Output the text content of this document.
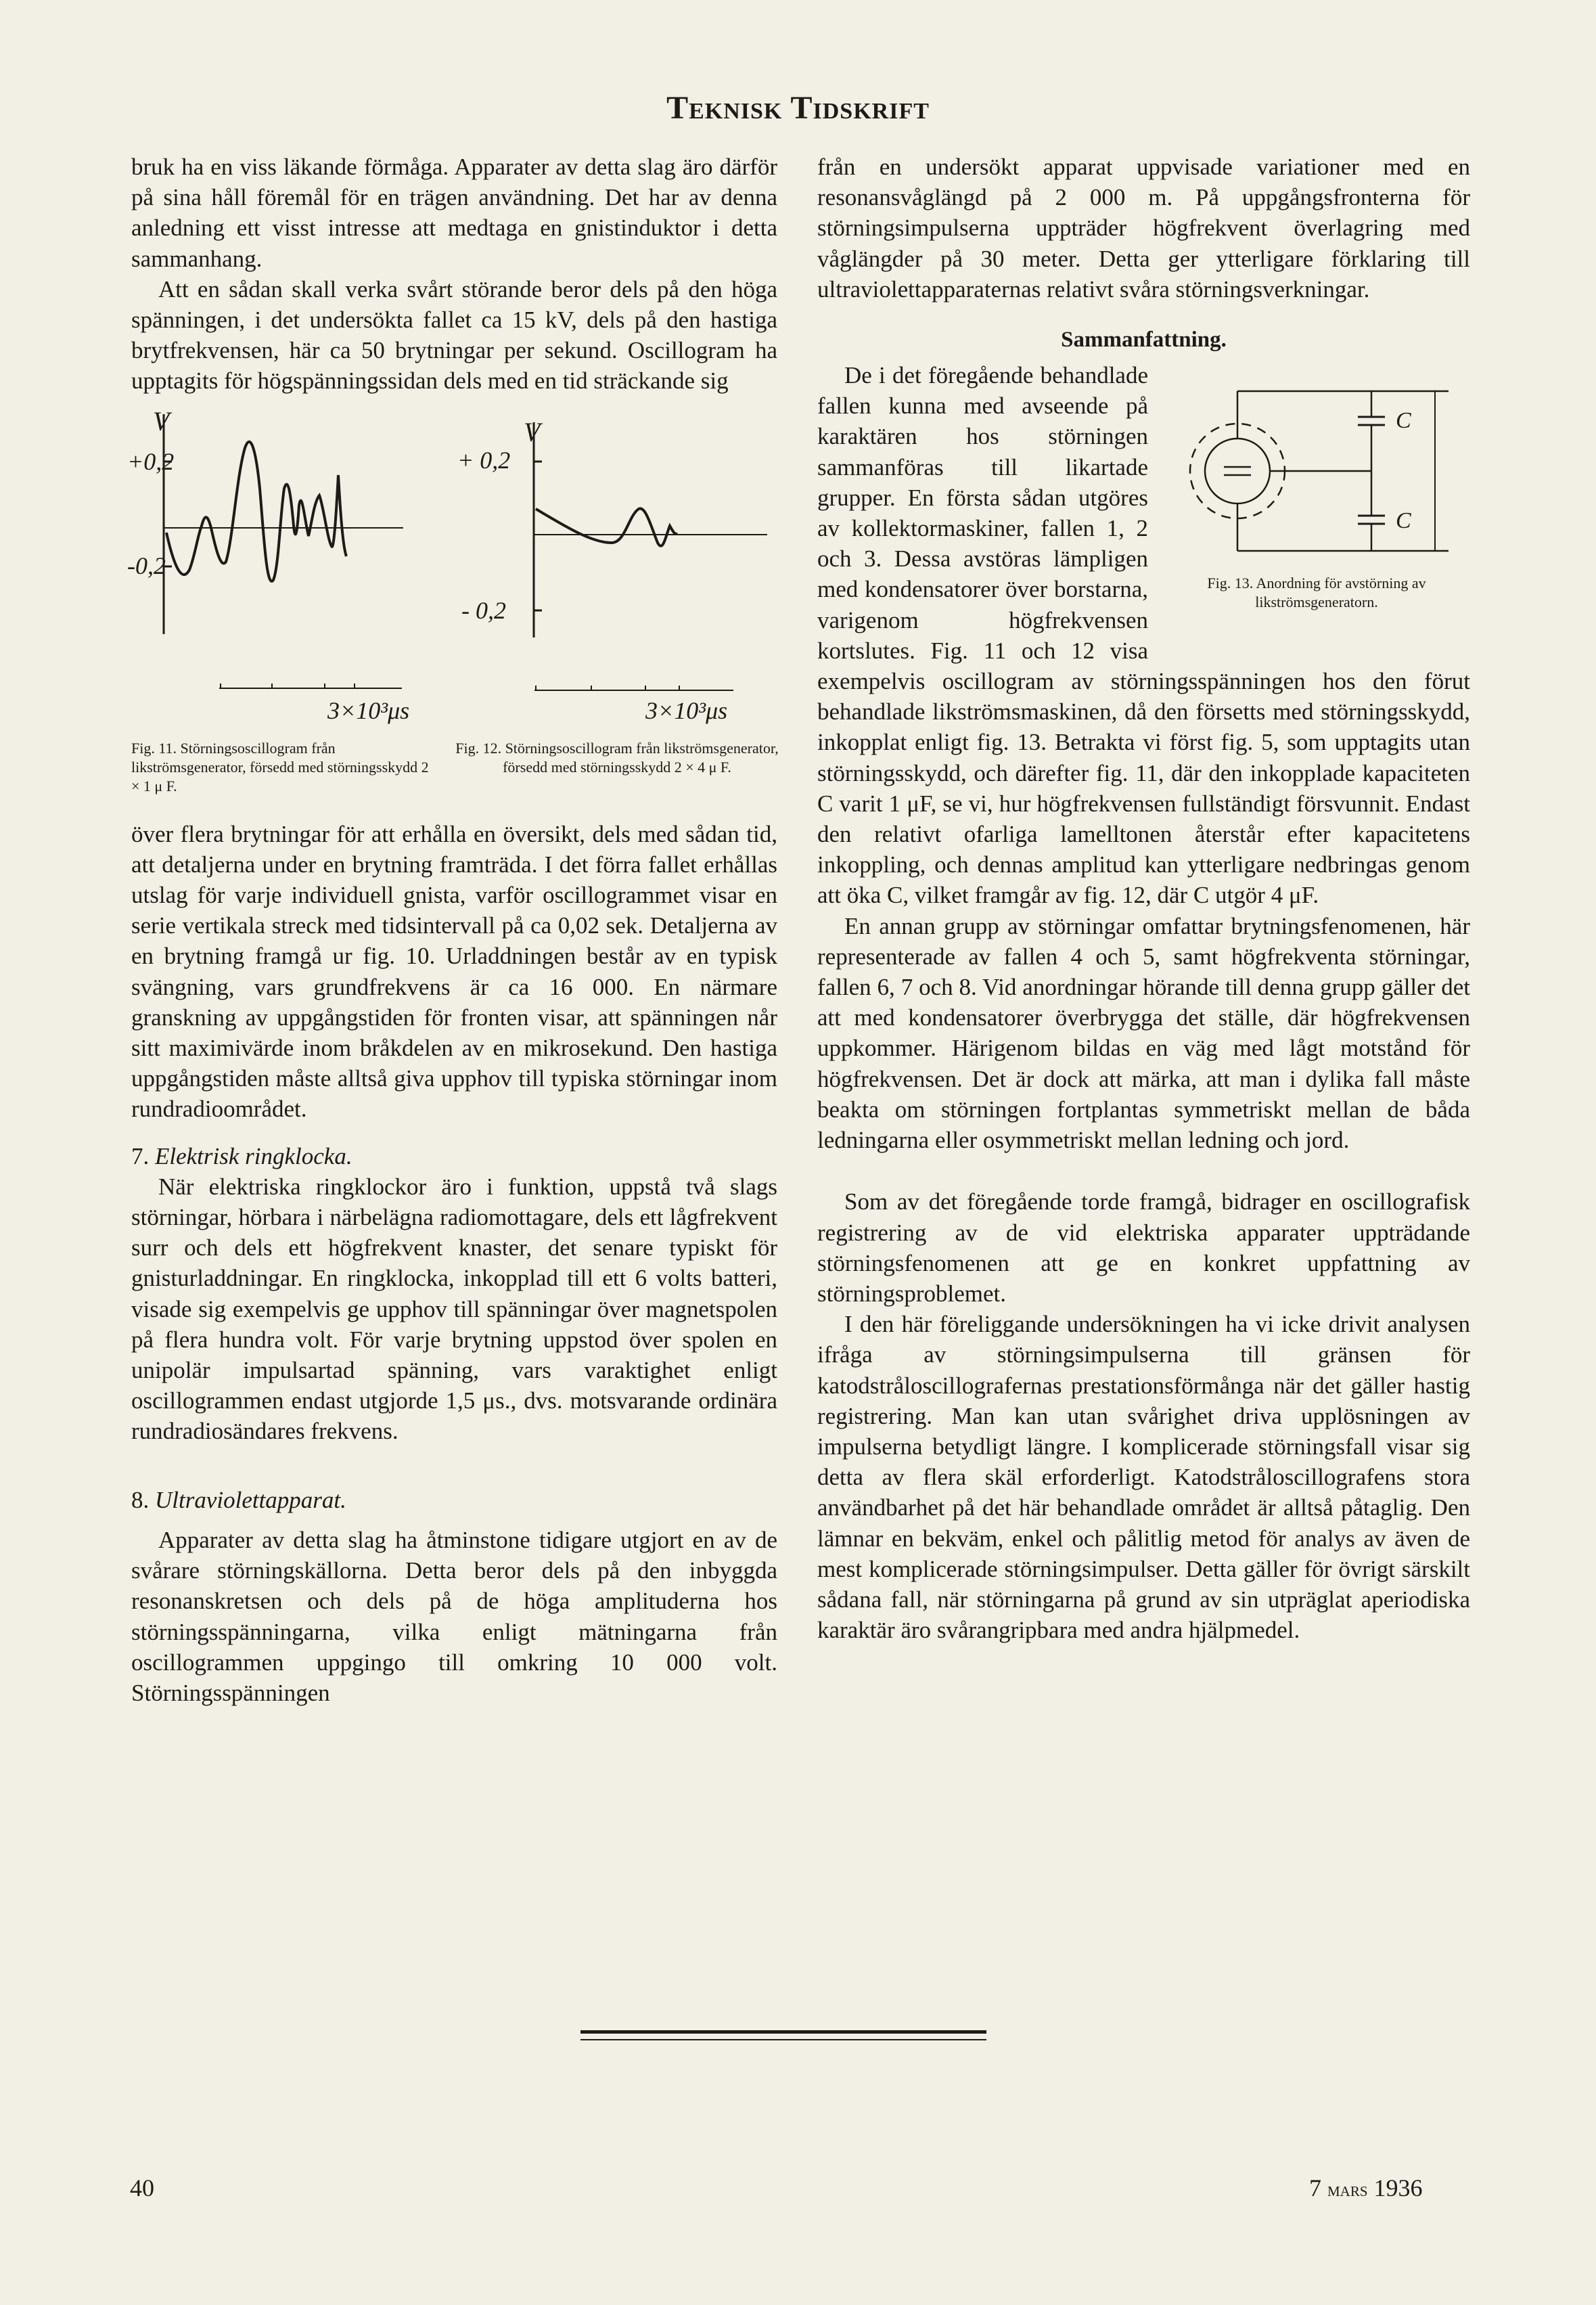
Teknisk Tidskrift

bruk ha en viss läkande förmåga. Apparater av detta slag äro därför på sina håll föremål för en trägen användning. Det har av denna anledning ett visst intresse att medtaga en gnistinduktor i detta sammanhang.

Att en sådan skall verka svårt störande beror dels på den höga spänningen, i det undersökta fallet ca 15 kV, dels på den hastiga brytfrekvensen, här ca 50 brytningar per sekund. Oscillogram ha upptagits för högspänningssidan dels med en tid sträckande sig

V
+0,2
-0,2
3×10³μs
V
+ 0,2
- 0,2
3×10³μs
Fig. 11. Störningsoscillogram från likströmsgenerator, försedd med störningsskydd 2 × 1 μ F.
Fig. 12. Störningsoscillogram från likströmsgenerator, försedd med störningsskydd 2 × 4 μ F.

över flera brytningar för att erhålla en översikt, dels med sådan tid, att detaljerna under en brytning framträda. I det förra fallet erhållas utslag för varje individuell gnista, varför oscillogrammet visar en serie vertikala streck med tidsintervall på ca 0,02 sek. Detaljerna av en brytning framgå ur fig. 10. Urladdningen består av en typisk svängning, vars grundfrekvens är ca 16 000. En närmare granskning av uppgångstiden för fronten visar, att spänningen når sitt maximivärde inom bråkdelen av en mikrosekund. Den hastiga uppgångstiden måste alltså giva upphov till typiska störningar inom rundradioområdet.

7. Elektrisk ringklocka.

När elektriska ringklockor äro i funktion, uppstå två slags störningar, hörbara i närbelägna radiomottagare, dels ett lågfrekvent surr och dels ett högfrekvent knaster, det senare typiskt för gnisturladdningar. En ringklocka, inkopplad till ett 6 volts batteri, visade sig exempelvis ge upphov till spänningar över magnetspolen på flera hundra volt. För varje brytning uppstod över spolen en unipolär impulsartad spänning, vars varaktighet enligt oscillogrammen endast utgjorde 1,5 μs., dvs. motsvarande ordinära rundradiosändares frekvens.

8. Ultraviolettapparat.

Apparater av detta slag ha åtminstone tidigare utgjort en av de svårare störningskällorna. Detta beror dels på den inbyggda resonanskretsen och dels på de höga amplituderna hos störningsspänningarna, vilka enligt mätningarna från oscillogrammen uppgingo till omkring 10 000 volt. Störningsspänningen

från en undersökt apparat uppvisade variationer med en resonansvåglängd på 2 000 m. På uppgångsfronterna för störningsimpulserna uppträder högfrekvent överlagring med våglängder på 30 meter. Detta ger ytterligare förklaring till ultraviolettapparaternas relativt svåra störningsverkningar.

Sammanfattning.
C
C
Fig. 13. Anordning för avstörning av likströmsgeneratorn.

De i det föregående behandlade fallen kunna med avseende på karaktären hos störningen sammanföras till likartade grupper. En första sådan utgöres av kollektormaskiner, fallen 1, 2 och 3. Dessa avstöras lämpligen med kondensatorer över borstarna, varigenom högfrekvensen kortslutes. Fig. 11 och 12 visa exempelvis oscillogram av störningsspänningen hos den förut behandlade likströmsmaskinen, då den försetts med störningsskydd, inkopplat enligt fig. 13. Betrakta vi först fig. 5, som upptagits utan störningsskydd, och därefter fig. 11, där den inkopplade kapaciteten C varit 1 μF, se vi, hur högfrekvensen fullständigt försvunnit. Endast den relativt ofarliga lamelltonen återstår efter kapacitetens inkoppling, och dennas amplitud kan ytterligare nedbringas genom att öka C, vilket framgår av fig. 12, där C utgör 4 μF.

En annan grupp av störningar omfattar brytningsfenomenen, här representerade av fallen 4 och 5, samt högfrekventa störningar, fallen 6, 7 och 8. Vid anordningar hörande till denna grupp gäller det att med kondensatorer överbrygga det ställe, där högfrekvensen uppkommer. Härigenom bildas en väg med lågt motstånd för högfrekvensen. Det är dock att märka, att man i dylika fall måste beakta om störningen fortplantas symmetriskt mellan de båda ledningarna eller osymmetriskt mellan ledning och jord.

Som av det föregående torde framgå, bidrager en oscillografisk registrering av de vid elektriska apparater uppträdande störningsfenomenen att ge en konkret uppfattning av störningsproblemet.

I den här föreliggande undersökningen ha vi icke drivit analysen ifråga av störningsimpulserna till gränsen för katodstråloscillografernas prestationsförmånga när det gäller hastig registrering. Man kan utan svårighet driva upplösningen av impulserna betydligt längre. I komplicerade störningsfall visar sig detta av flera skäl erforderligt. Katodstråloscillografens stora användbarhet på det här behandlade området är alltså påtaglig. Den lämnar en bekväm, enkel och pålitlig metod för analys av även de mest komplicerade störningsimpulser. Detta gäller för övrigt särskilt sådana fall, när störningarna på grund av sin utpräglat aperiodiska karaktär äro svårangripbara med andra hjälpmedel.

40	7 mars 1936
